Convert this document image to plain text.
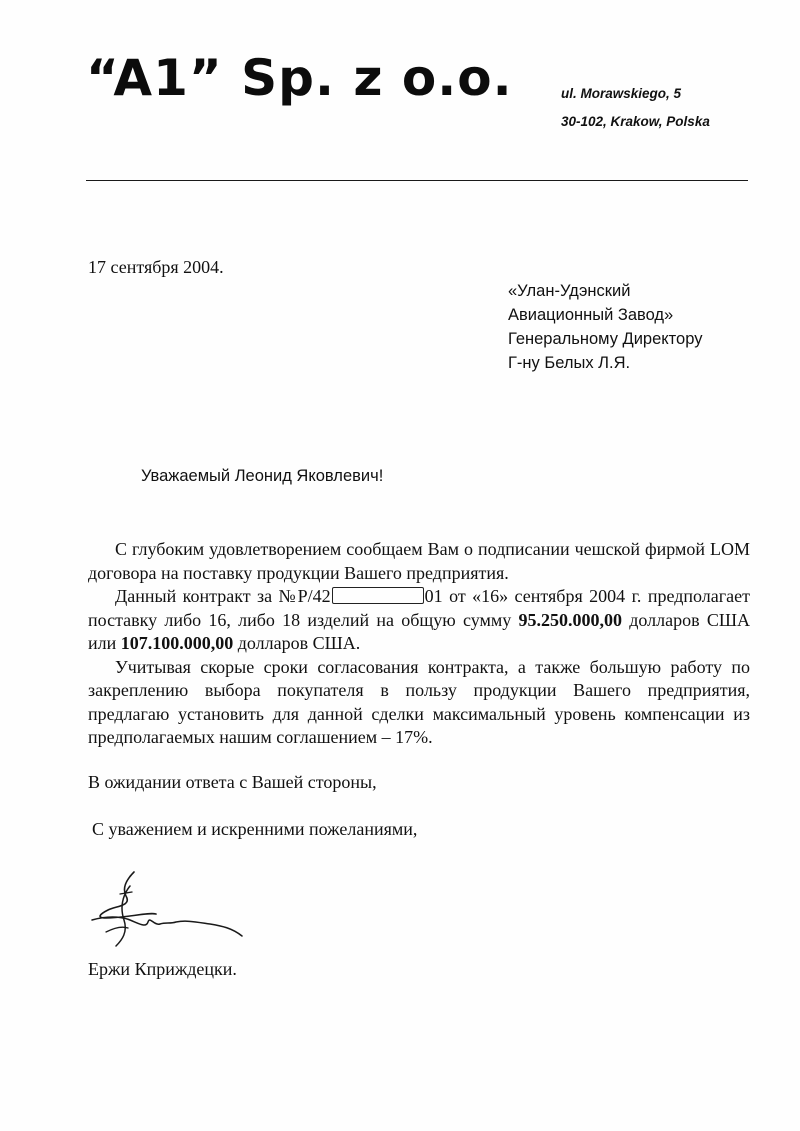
“A1” Sp. z o.o.	ul. Morawskiego, 5
30-102, Krakow, Polska
17 сентября 2004.
«Улан-Удэнский
Авиационный Завод»
Генеральному Директору
Г-ну Белых Л.Я.
Уважаемый Леонид Яковлевич!

С глубоким удовлетворением сообщаем Вам о подписании чешской фирмой LOM договора на поставку продукции Вашего предприятия.

Данный контракт за №Р/42	01 от «16» сентября 2004 г. предполагает поставку либо 16, либо 18 изделий на общую сумму 95.250.000,00 долларов США или 107.100.000,00 долларов США.

Учитывая скорые сроки согласования контракта, а также большую работу по закреплению выбора покупателя в пользу продукции Вашего предприятия, предлагаю установить для данной сделки максимальный уровень компенсации из предполагаемых нашим соглашением – 17%.

В ожидании ответа с Вашей стороны,
С уважением и искренними пожеланиями,
Ержи Кприждецки.
